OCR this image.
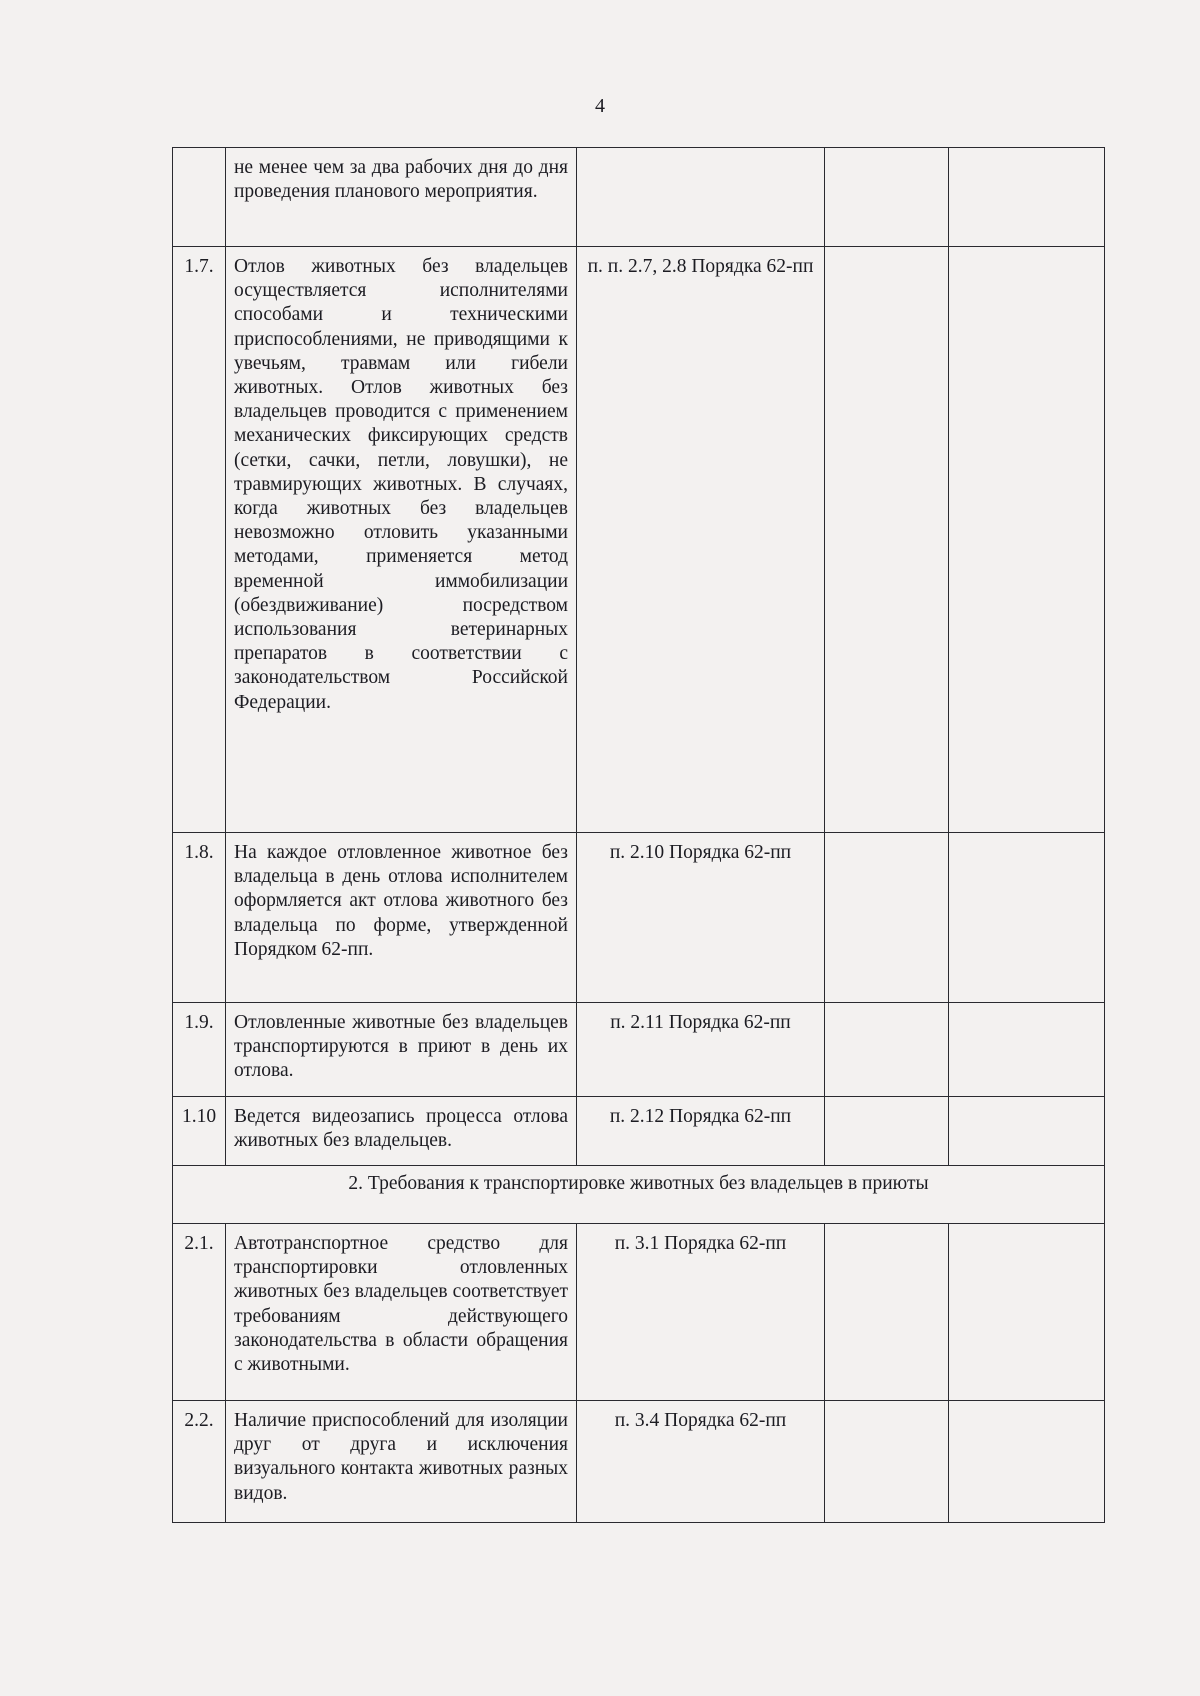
4
	не менее чем за два рабочих дня до дня проведения планового мероприятия.			
1.7.	Отлов животных без владельцев осуществляется исполнителями способами и техническими приспособлениями, не приводящими к увечьям, травмам или гибели животных. Отлов животных без владельцев проводится с применением механических фиксирующих средств (сетки, сачки, петли, ловушки), не травмирующих животных. В случаях, когда животных без владельцев невозможно отловить указанными методами, применяется метод временной иммобилизации (обездвиживание) посредством использования ветеринарных препаратов в соответствии с законодательством Российской Федерации.	п. п. 2.7, 2.8 Порядка 62-пп		
1.8.	На каждое отловленное животное без владельца в день отлова исполнителем оформляется акт отлова животного без владельца по форме, утвержденной Порядком 62-пп.	п. 2.10 Порядка 62-пп		
1.9.	Отловленные животные без владельцев транспортируются в приют в день их отлова.	п. 2.11 Порядка 62-пп		
1.10	Ведется видеозапись процесса отлова животных без владельцев.	п. 2.12 Порядка 62-пп		
2. Требования к транспортировке животных без владельцев в приюты				
2.1.	Автотранспортное средство для транспортировки отловленных животных без владельцев соответствует требованиям действующего законодательства в области обращения с животными.	п. 3.1 Порядка 62-пп		
2.2.	Наличие приспособлений для изоляции друг от друга и исключения визуального контакта животных разных видов.	п. 3.4 Порядка 62-пп		
